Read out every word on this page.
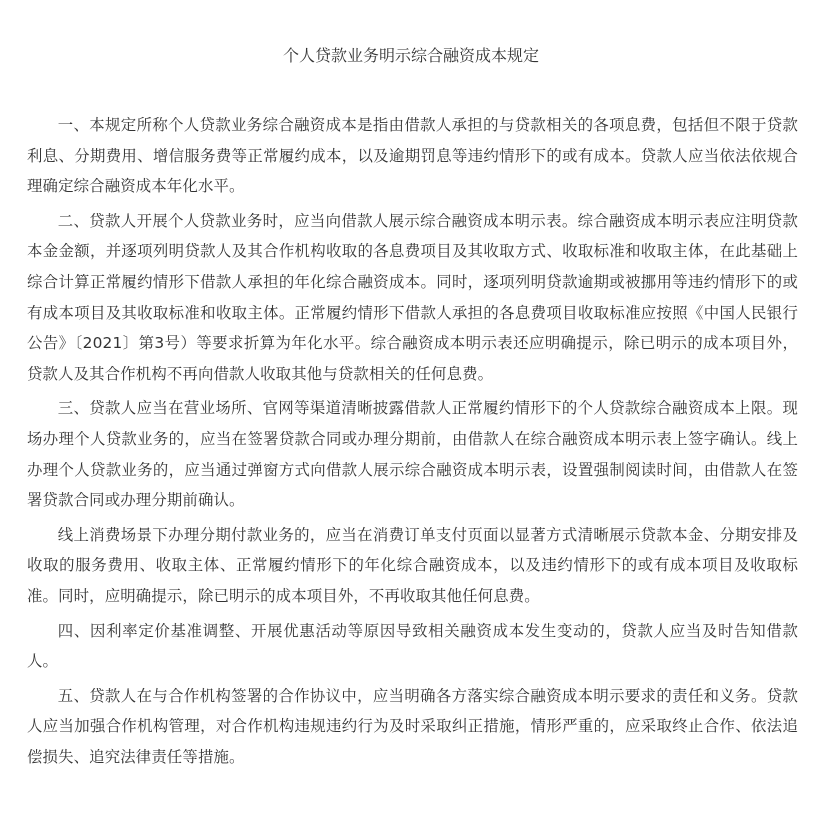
个人贷款业务明示综合融资成本规定

一、本规定所称个人贷款业务综合融资成本是指由借款人承担的与贷款相关的各项息费，包括但不限于贷款利息、分期费用、增信服务费等正常履约成本，以及逾期罚息等违约情形下的或有成本。贷款人应当依法依规合理确定综合融资成本年化水平。

二、贷款人开展个人贷款业务时，应当向借款人展示综合融资成本明示表。综合融资成本明示表应注明贷款本金金额，并逐项列明贷款人及其合作机构收取的各息费项目及其收取方式、收取标准和收取主体，在此基础上综合计算正常履约情形下借款人承担的年化综合融资成本。同时，逐项列明贷款逾期或被挪用等违约情形下的或有成本项目及其收取标准和收取主体。正常履约情形下借款人承担的各息费项目收取标准应按照《中国人民银行公告》〔2021〕第3号）等要求折算为年化水平。综合融资成本明示表还应明确提示，除已明示的成本项目外，贷款人及其合作机构不再向借款人收取其他与贷款相关的任何息费。

三、贷款人应当在营业场所、官网等渠道清晰披露借款人正常履约情形下的个人贷款综合融资成本上限。现场办理个人贷款业务的，应当在签署贷款合同或办理分期前，由借款人在综合融资成本明示表上签字确认。线上办理个人贷款业务的，应当通过弹窗方式向借款人展示综合融资成本明示表，设置强制阅读时间，由借款人在签署贷款合同或办理分期前确认。

线上消费场景下办理分期付款业务的，应当在消费订单支付页面以显著方式清晰展示贷款本金、分期安排及收取的服务费用、收取主体、正常履约情形下的年化综合融资成本，以及违约情形下的或有成本项目及收取标准。同时，应明确提示，除已明示的成本项目外，不再收取其他任何息费。

四、因利率定价基准调整、开展优惠活动等原因导致相关融资成本发生变动的，贷款人应当及时告知借款人。

五、贷款人在与合作机构签署的合作协议中，应当明确各方落实综合融资成本明示要求的责任和义务。贷款人应当加强合作机构管理，对合作机构违规违约行为及时采取纠正措施，情形严重的，应采取终止合作、依法追偿损失、追究法律责任等措施。
